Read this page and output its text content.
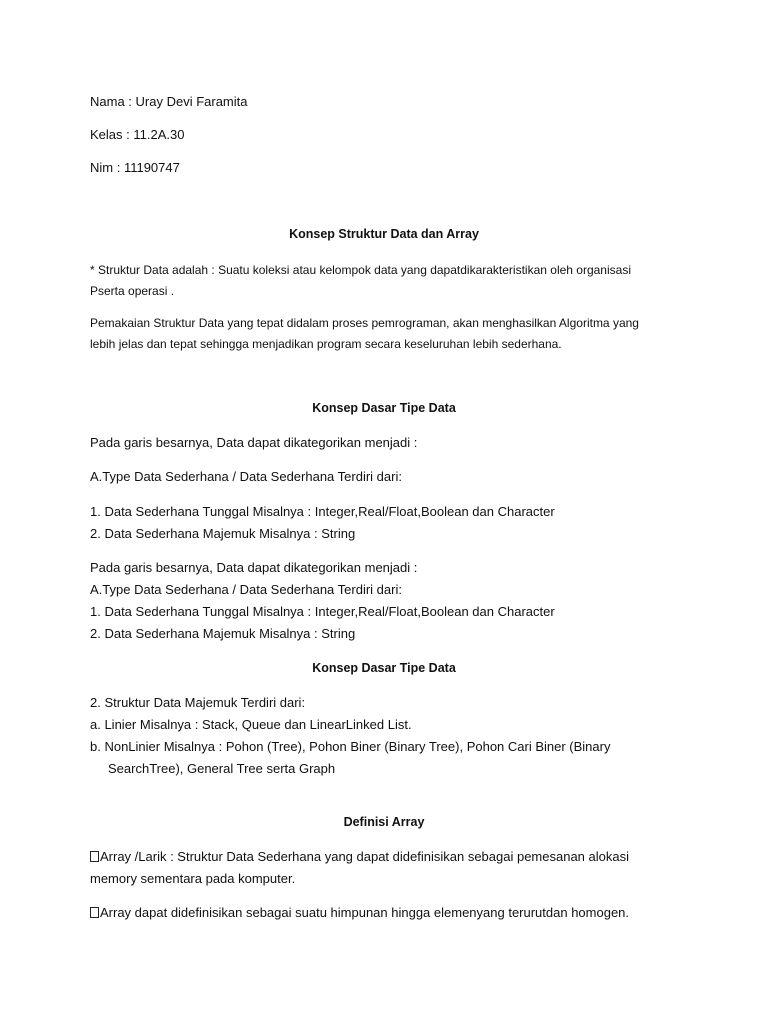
Nama : Uray Devi Faramita
Kelas : 11.2A.30
Nim : 11190747
Konsep Struktur Data dan Array
* Struktur Data adalah : Suatu koleksi atau kelompok data yang dapatdikarakteristikan oleh organisasi
Pserta operasi .
Pemakaian Struktur Data yang tepat didalam proses pemrograman, akan menghasilkan Algoritma yang
lebih jelas dan tepat sehingga menjadikan program secara keseluruhan lebih sederhana.
Konsep Dasar Tipe Data
Pada garis besarnya, Data dapat dikategorikan menjadi :
A.Type Data Sederhana / Data Sederhana Terdiri dari:
1. Data Sederhana Tunggal Misalnya : Integer,Real/Float,Boolean dan Character
2. Data Sederhana Majemuk Misalnya : String
Pada garis besarnya, Data dapat dikategorikan menjadi :
A.Type Data Sederhana / Data Sederhana Terdiri dari:
1. Data Sederhana Tunggal Misalnya : Integer,Real/Float,Boolean dan Character
2. Data Sederhana Majemuk Misalnya : String
Konsep Dasar Tipe Data
2. Struktur Data Majemuk Terdiri dari:
a. Linier Misalnya : Stack, Queue dan LinearLinked List.
b. NonLinier Misalnya : Pohon (Tree), Pohon Biner (Binary Tree), Pohon Cari Biner (Binary
SearchTree), General Tree serta Graph
Definisi Array
Array /Larik : Struktur Data Sederhana yang dapat didefinisikan sebagai pemesanan alokasi
memory sementara pada komputer.
Array dapat didefinisikan sebagai suatu himpunan hingga elemenyang terurutdan homogen.
